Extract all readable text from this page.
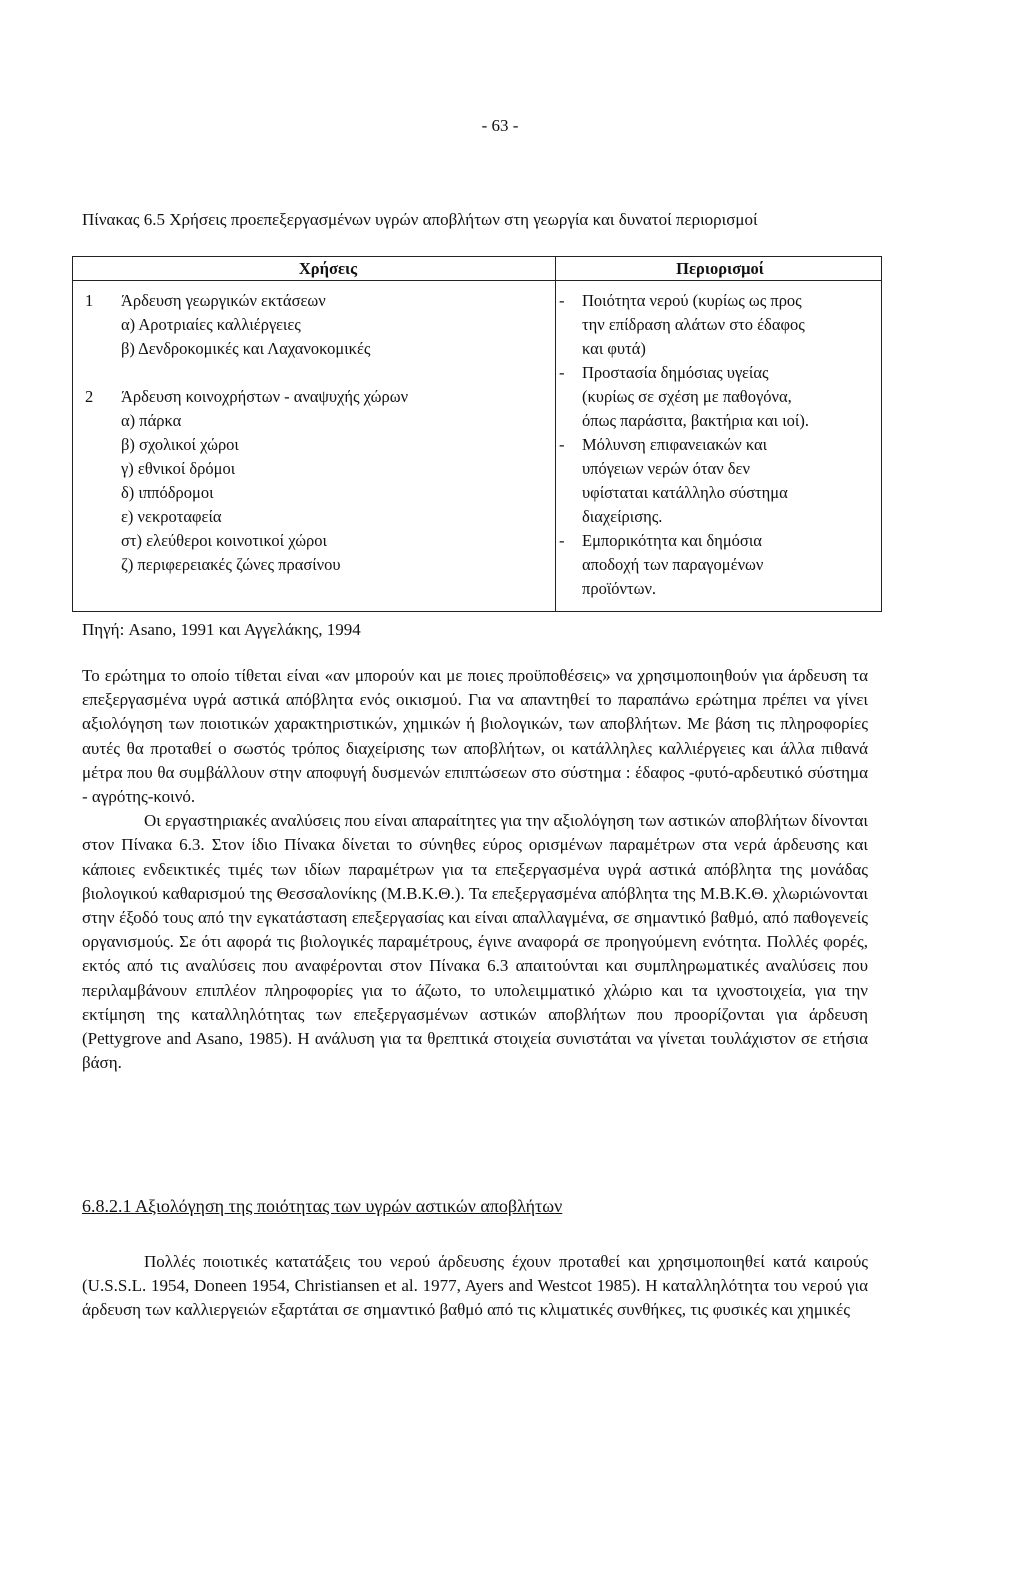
- 63 -
Πίνακας 6.5 Χρήσεις προεπεξεργασμένων υγρών αποβλήτων στη γεωργία και δυνατοί περιορισμοί
Χρήσεις	Περιορισμοί
1 Άρδευση γεωργικών εκτάσεων
α) Αροτριαίες καλλιέργειες
β) Δενδροκομικές και Λαχανοκομικές
2 Άρδευση κοινοχρήστων - αναψυχής χώρων
α) πάρκα
β) σχολικοί χώροι
γ) εθνικοί δρόμοι
δ) ιππόδρομοι
ε) νεκροταφεία
στ) ελεύθεροι κοινοτικοί χώροι
ζ) περιφερειακές ζώνες πρασίνου
- Ποιότητα νερού (κυρίως ως προς
την επίδραση αλάτων στο έδαφος
και φυτά)
- Προστασία δημόσιας υγείας
(κυρίως σε σχέση με παθογόνα,
όπως παράσιτα, βακτήρια και ιοί).
- Μόλυνση επιφανειακών και
υπόγειων νερών όταν δεν
υφίσταται κατάλληλο σύστημα
διαχείρισης.
- Εμπορικότητα και δημόσια
αποδοχή των παραγομένων
προϊόντων.
Πηγή: Asano, 1991 και Αγγελάκης, 1994

Το ερώτημα το οποίο τίθεται είναι «αν μπορούν και με ποιες προϋποθέσεις» να χρησιμοποιηθούν για άρδευση τα επεξεργασμένα υγρά αστικά απόβλητα ενός οικισμού. Για να απαντηθεί το παραπάνω ερώτημα πρέπει να γίνει αξιολόγηση των ποιοτικών χαρακτηριστικών, χημικών ή βιολογικών, των αποβλήτων. Με βάση τις πληροφορίες αυτές θα προταθεί ο σωστός τρόπος διαχείρισης των αποβλήτων, οι κατάλληλες καλλιέργειες και άλλα πιθανά μέτρα που θα συμβάλλουν στην αποφυγή δυσμενών επιπτώσεων στο σύστημα : έδαφος -φυτό-αρδευτικό σύστημα - αγρότης-κοινό.

Οι εργαστηριακές αναλύσεις που είναι απαραίτητες για την αξιολόγηση των αστικών αποβλήτων δίνονται στον Πίνακα 6.3. Στον ίδιο Πίνακα δίνεται το σύνηθες εύρος ορισμένων παραμέτρων στα νερά άρδευσης και κάποιες ενδεικτικές τιμές των ιδίων παραμέτρων για τα επεξεργασμένα υγρά αστικά απόβλητα της μονάδας βιολογικού καθαρισμού της Θεσσαλονίκης (Μ.Β.Κ.Θ.). Τα επεξεργασμένα απόβλητα της Μ.Β.Κ.Θ. χλωριώνονται στην έξοδό τους από την εγκατάσταση επεξεργασίας και είναι απαλλαγμένα, σε σημαντικό βαθμό, από παθογενείς οργανισμούς. Σε ότι αφορά τις βιολογικές παραμέτρους, έγινε αναφορά σε προηγούμενη ενότητα. Πολλές φορές, εκτός από τις αναλύσεις που αναφέρονται στον Πίνακα 6.3 απαιτούνται και συμπληρωματικές αναλύσεις που περιλαμβάνουν επιπλέον πληροφορίες για το άζωτο, το υπολειμματικό χλώριο και τα ιχνοστοιχεία, για την εκτίμηση της καταλληλότητας των επεξεργασμένων αστικών αποβλήτων που προορίζονται για άρδευση (Pettygrove and Asano, 1985). Η ανάλυση για τα θρεπτικά στοιχεία συνιστάται να γίνεται τουλάχιστον σε ετήσια βάση.

6.8.2.1 Αξιολόγηση της ποιότητας των υγρών αστικών αποβλήτων

Πολλές ποιοτικές κατατάξεις του νερού άρδευσης έχουν προταθεί και χρησιμοποιηθεί κατά καιρούς (U.S.S.L. 1954, Doneen 1954, Christiansen et al. 1977, Ayers and Westcot 1985). Η καταλληλότητα του νερού για άρδευση των καλλιεργειών εξαρτάται σε σημαντικό βαθμό από τις κλιματικές συνθήκες, τις φυσικές και χημικές
